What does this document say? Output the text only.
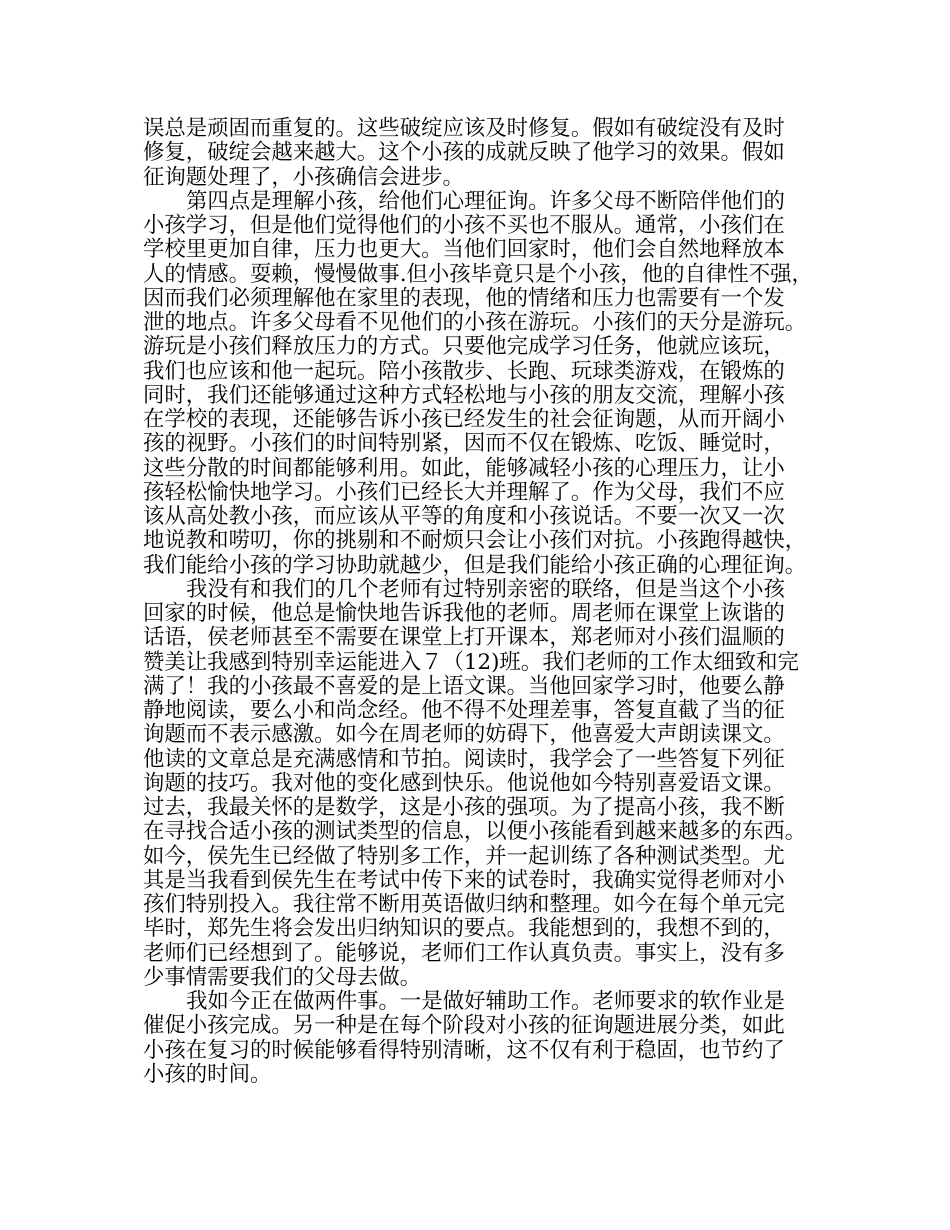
误总是顽固而重复的。这些破绽应该及时修复。假如有破绽没有及时
修复，破绽会越来越大。这个小孩的成就反映了他学习的效果。假如
征询题处理了，小孩确信会进步。
第四点是理解小孩，给他们心理征询。许多父母不断陪伴他们的
小孩学习，但是他们觉得他们的小孩不买也不服从。通常，小孩们在
学校里更加自律，压力也更大。当他们回家时，他们会自然地释放本
人的情感。耍赖，慢慢做事.但小孩毕竟只是个小孩，他的自律性不强，
因而我们必须理解他在家里的表现，他的情绪和压力也需要有一个发
泄的地点。许多父母看不见他们的小孩在游玩。小孩们的天分是游玩。
游玩是小孩们释放压力的方式。只要他完成学习任务，他就应该玩，
我们也应该和他一起玩。陪小孩散步、长跑、玩球类游戏，在锻炼的
同时，我们还能够通过这种方式轻松地与小孩的朋友交流，理解小孩
在学校的表现，还能够告诉小孩已经发生的社会征询题，从而开阔小
孩的视野。小孩们的时间特别紧，因而不仅在锻炼、吃饭、睡觉时，
这些分散的时间都能够利用。如此，能够减轻小孩的心理压力，让小
孩轻松愉快地学习。小孩们已经长大并理解了。作为父母，我们不应
该从高处教小孩，而应该从平等的角度和小孩说话。不要一次又一次
地说教和唠叨，你的挑剔和不耐烦只会让小孩们对抗。小孩跑得越快，
我们能给小孩的学习协助就越少，但是我们能给小孩正确的心理征询。
我没有和我们的几个老师有过特别亲密的联络，但是当这个小孩
回家的时候，他总是愉快地告诉我他的老师。周老师在课堂上诙谐的
话语，侯老师甚至不需要在课堂上打开课本，郑老师对小孩们温顺的
赞美让我感到特别幸运能进入７（12)班。我们老师的工作太细致和完
满了！我的小孩最不喜爱的是上语文课。当他回家学习时，他要么静
静地阅读，要么小和尚念经。他不得不处理差事，答复直截了当的征
询题而不表示感激。如今在周老师的妨碍下，他喜爱大声朗读课文。
他读的文章总是充满感情和节拍。阅读时，我学会了一些答复下列征
询题的技巧。我对他的变化感到快乐。他说他如今特别喜爱语文课。
过去，我最关怀的是数学，这是小孩的强项。为了提高小孩，我不断
在寻找合适小孩的测试类型的信息，以便小孩能看到越来越多的东西。
如今，侯先生已经做了特别多工作，并一起训练了各种测试类型。尤
其是当我看到侯先生在考试中传下来的试卷时，我确实觉得老师对小
孩们特别投入。我往常不断用英语做归纳和整理。如今在每个单元完
毕时，郑先生将会发出归纳知识的要点。我能想到的，我想不到的，
老师们已经想到了。能够说，老师们工作认真负责。事实上，没有多
少事情需要我们的父母去做。
我如今正在做两件事。一是做好辅助工作。老师要求的软作业是
催促小孩完成。另一种是在每个阶段对小孩的征询题进展分类，如此
小孩在复习的时候能够看得特别清晰，这不仅有利于稳固，也节约了
小孩的时间。
